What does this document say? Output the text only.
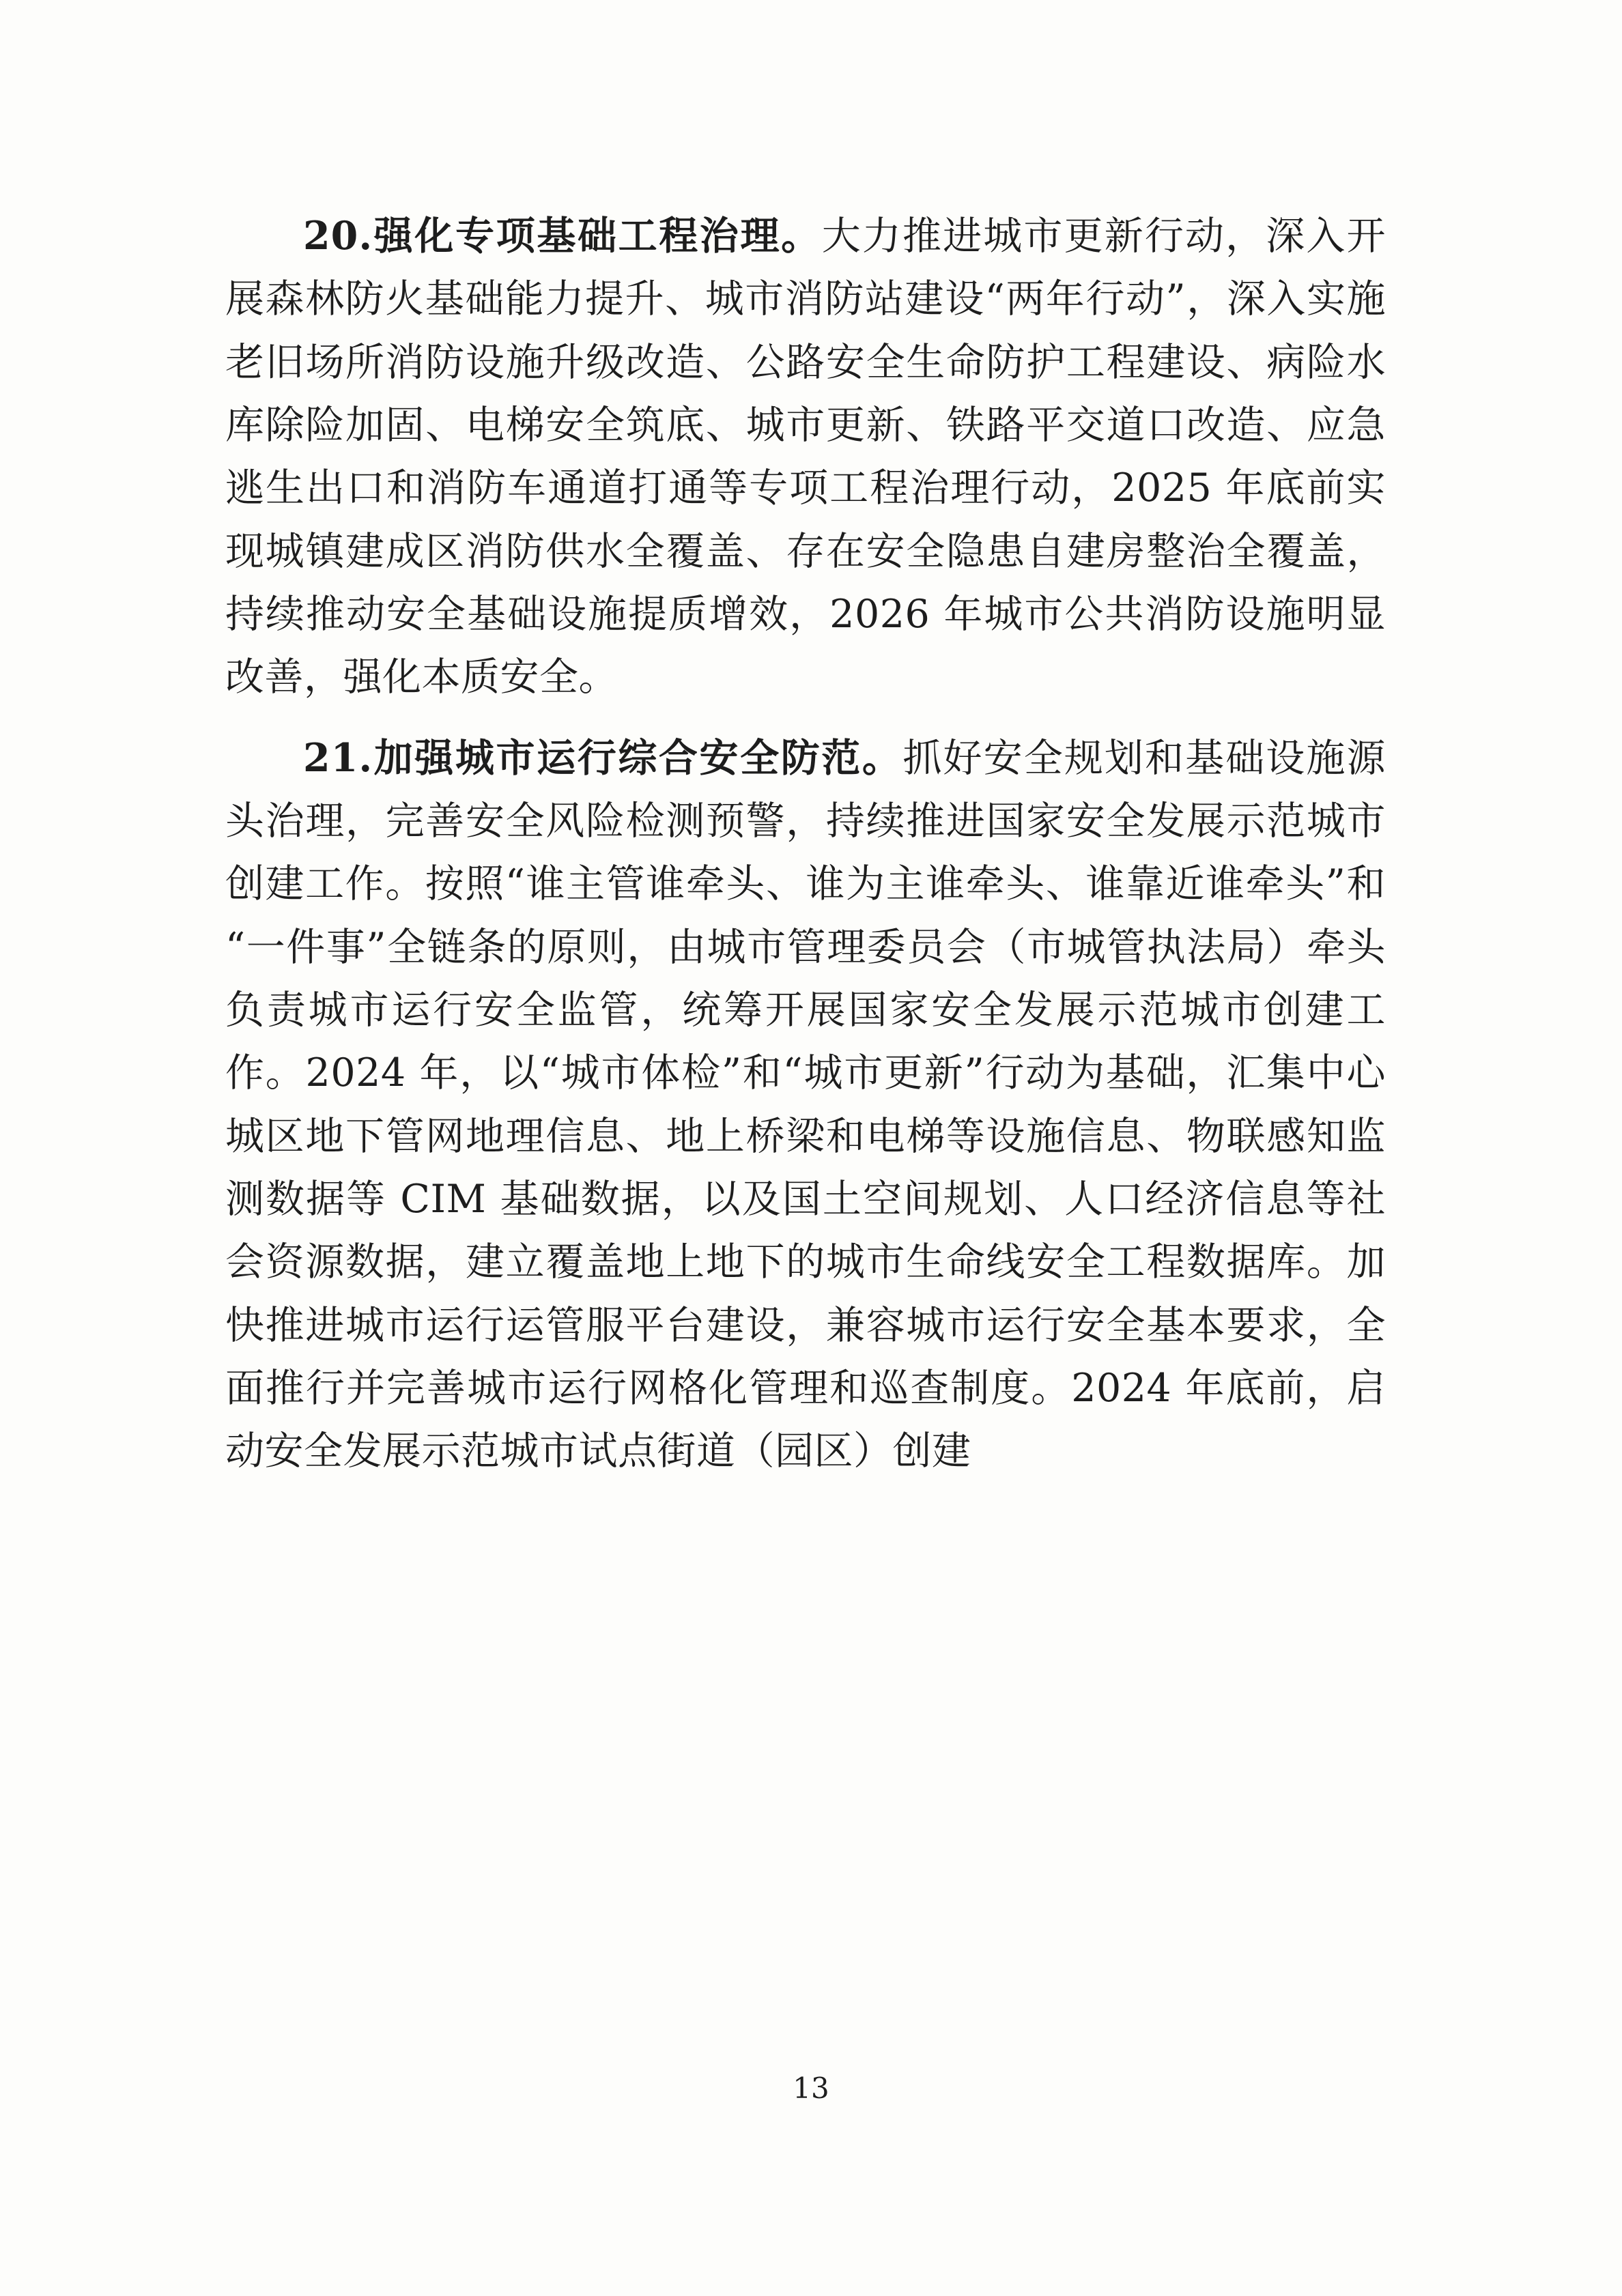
20.强化专项基础工程治理。大力推进城市更新行动，深入开展森林防火基础能力提升、城市消防站建设“两年行动”，深入实施老旧场所消防设施升级改造、公路安全生命防护工程建设、病险水库除险加固、电梯安全筑底、城市更新、铁路平交道口改造、应急逃生出口和消防车通道打通等专项工程治理行动，2025 年底前实现城镇建成区消防供水全覆盖、存在安全隐患自建房整治全覆盖，持续推动安全基础设施提质增效，2026 年城市公共消防设施明显改善，强化本质安全。

21.加强城市运行综合安全防范。抓好安全规划和基础设施源头治理，完善安全风险检测预警，持续推进国家安全发展示范城市创建工作。按照“谁主管谁牵头、谁为主谁牵头、谁靠近谁牵头”和“一件事”全链条的原则，由城市管理委员会（市城管执法局）牵头负责城市运行安全监管，统筹开展国家安全发展示范城市创建工作。2024 年，以“城市体检”和“城市更新”行动为基础，汇集中心城区地下管网地理信息、地上桥梁和电梯等设施信息、物联感知监测数据等 CIM 基础数据，以及国土空间规划、人口经济信息等社会资源数据，建立覆盖地上地下的城市生命线安全工程数据库。加快推进城市运行运管服平台建设，兼容城市运行安全基本要求，全面推行并完善城市运行网格化管理和巡查制度。2024 年底前，启动安全发展示范城市试点街道（园区）创建

13
